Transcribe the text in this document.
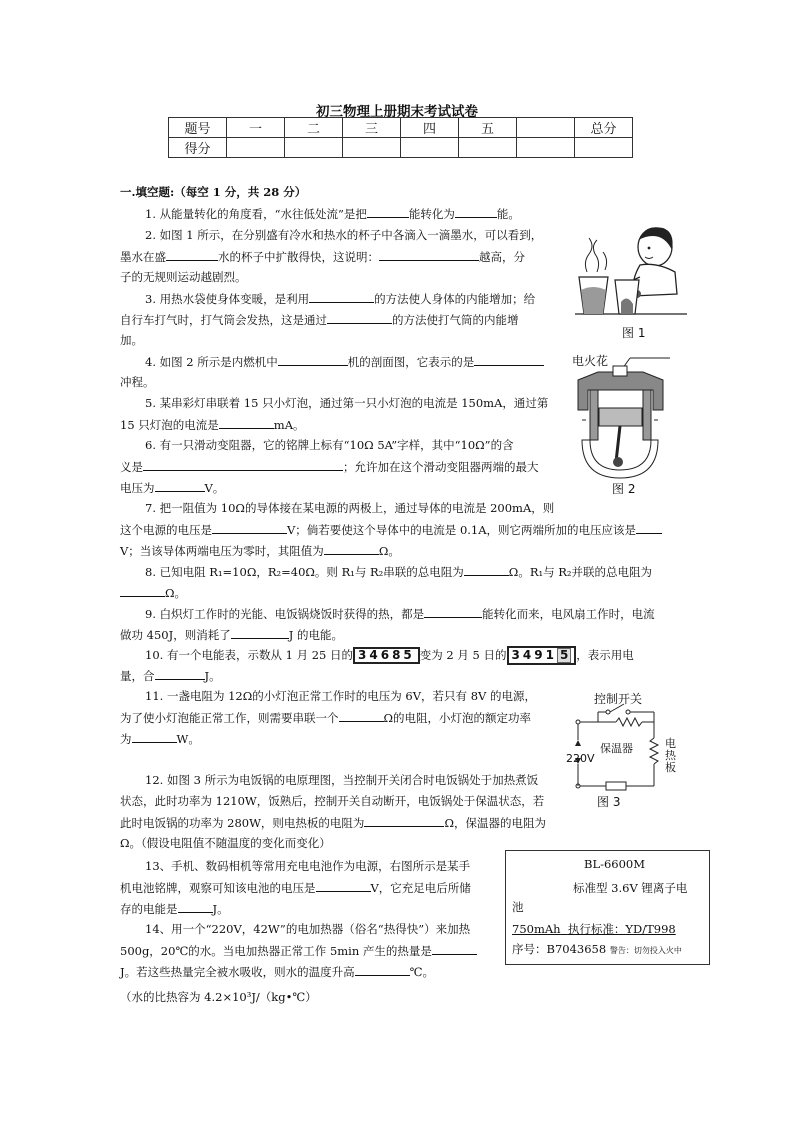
初三物理上册期末考试试卷
题号	一	二	三	四	五		总分
得分							
一.填空题:（每空 1 分，共 28 分）
1. 从能量转化的角度看，“水往低处流”是把	能转化为	能。
2. 如图 1 所示，在分别盛有冷水和热水的杯子中各滴入一滴墨水，可以看到，
墨水在盛	水的杯子中扩散得快，这说明：	越高，分
子的无规则运动越剧烈。
3. 用热水袋使身体变暖，是利用	的方法使人身体的内能增加；给
自行车打气时，打气筒会发热，这是通过	的方法使打气筒的内能增
加。
4. 如图 2 所示是内燃机中	机的剖面图，它表示的是
冲程。
5. 某串彩灯串联着 15 只小灯泡，通过第一只小灯泡的电流是 150mA，通过第
15 只灯泡的电流是	mA。
6. 有一只滑动变阻器，它的铭牌上标有“10Ω 5A”字样，其中“10Ω”的含
义是	；允许加在这个滑动变阻器两端的最大
电压为	V。
7. 把一阻值为 10Ω的导体接在某电源的两极上，通过导体的电流是 200mA，则
这个电源的电压是	V；倘若要使这个导体中的电流是 0.1A，则它两端所加的电压应该是
V；当该导体两端电压为零时，其阻值为	Ω。
8. 已知电阻 R₁=10Ω，R₂=40Ω。则 R₁与 R₂串联的总电阻为	Ω。R₁与 R₂并联的总电阻为
Ω。
9. 白炽灯工作时的光能、电饭锅烧饭时获得的热，都是	能转化而来，电风扇工作时，电流
做功 450J，则消耗了	J 的电能。
10. 有一个电能表，示数从 1 月 25 日的 34685 变为 2 月 5 日的 3491 5 ，表示用电
量，合	J。
11. 一盏电阻为 12Ω的小灯泡正常工作时的电压为 6V，若只有 8V 的电源，
为了使小灯泡能正常工作，则需要串联一个	Ω的电阻，小灯泡的额定功率
为	W。
12. 如图 3 所示为电饭锅的电原理图，当控制开关闭合时电饭锅处于加热煮饭
状态，此时功率为 1210W，饭熟后，控制开关自动断开，电饭锅处于保温状态，若
此时电饭锅的功率为 280W，则电热板的电阻为	Ω，保温器的电阻为
Ω。（假设电阻值不随温度的变化而变化）
13、手机、数码相机等常用充电电池作为电源，右图所示是某手
机电池铭牌，观察可知该电池的电压是	V，它充足电后所储
存的电能是	J。
14、用一个“220V，42W”的电加热器（俗名“热得快”）来加热
500g，20℃的水。当电加热器正常工作 5min 产生的热量是
J。若这些热量完全被水吸收，则水的温度升高	℃。
（水的比热容为 4.2×10³J/（kg•℃）
BL-6600M
标准型 3.6V 锂离子电
池
750mAh 执行标准：YD/T998
序号：B7043658 警告：切勿投入火中
图 1
电火花
图 2
控制开关
保温器	电热板
220V
图 3
